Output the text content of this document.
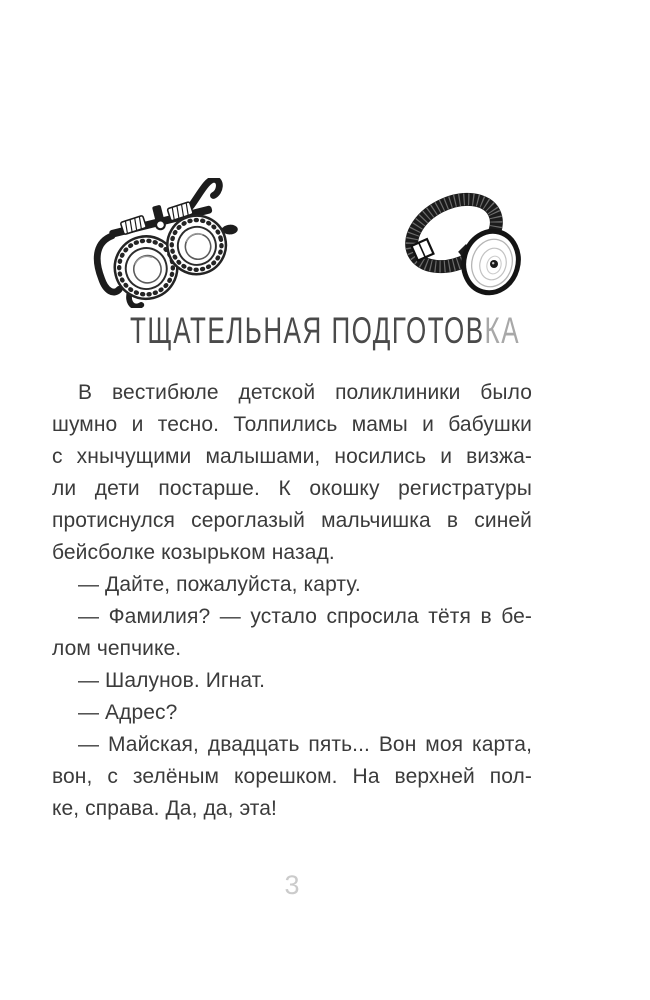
ТЩАТЕЛЬНАЯ ПОДГОТОВКА

В вестибюле детской поликлиники было
шумно и тесно. Толпились мамы и бабушки
с хнычущими малышами, носились и визжа-
ли дети постарше. К окошку регистратуры
протиснулся сероглазый мальчишка в синей
бейсболке козырьком назад.

— Дайте, пожалуйста, карту.

— Фамилия? — устало спросила тётя в бе-
лом чепчике.

— Шалунов. Игнат.

— Адрес?

— Майская, двадцать пять... Вон моя карта,
вон, с зелёным корешком. На верхней пол-
ке, справа. Да, да, эта!

3
